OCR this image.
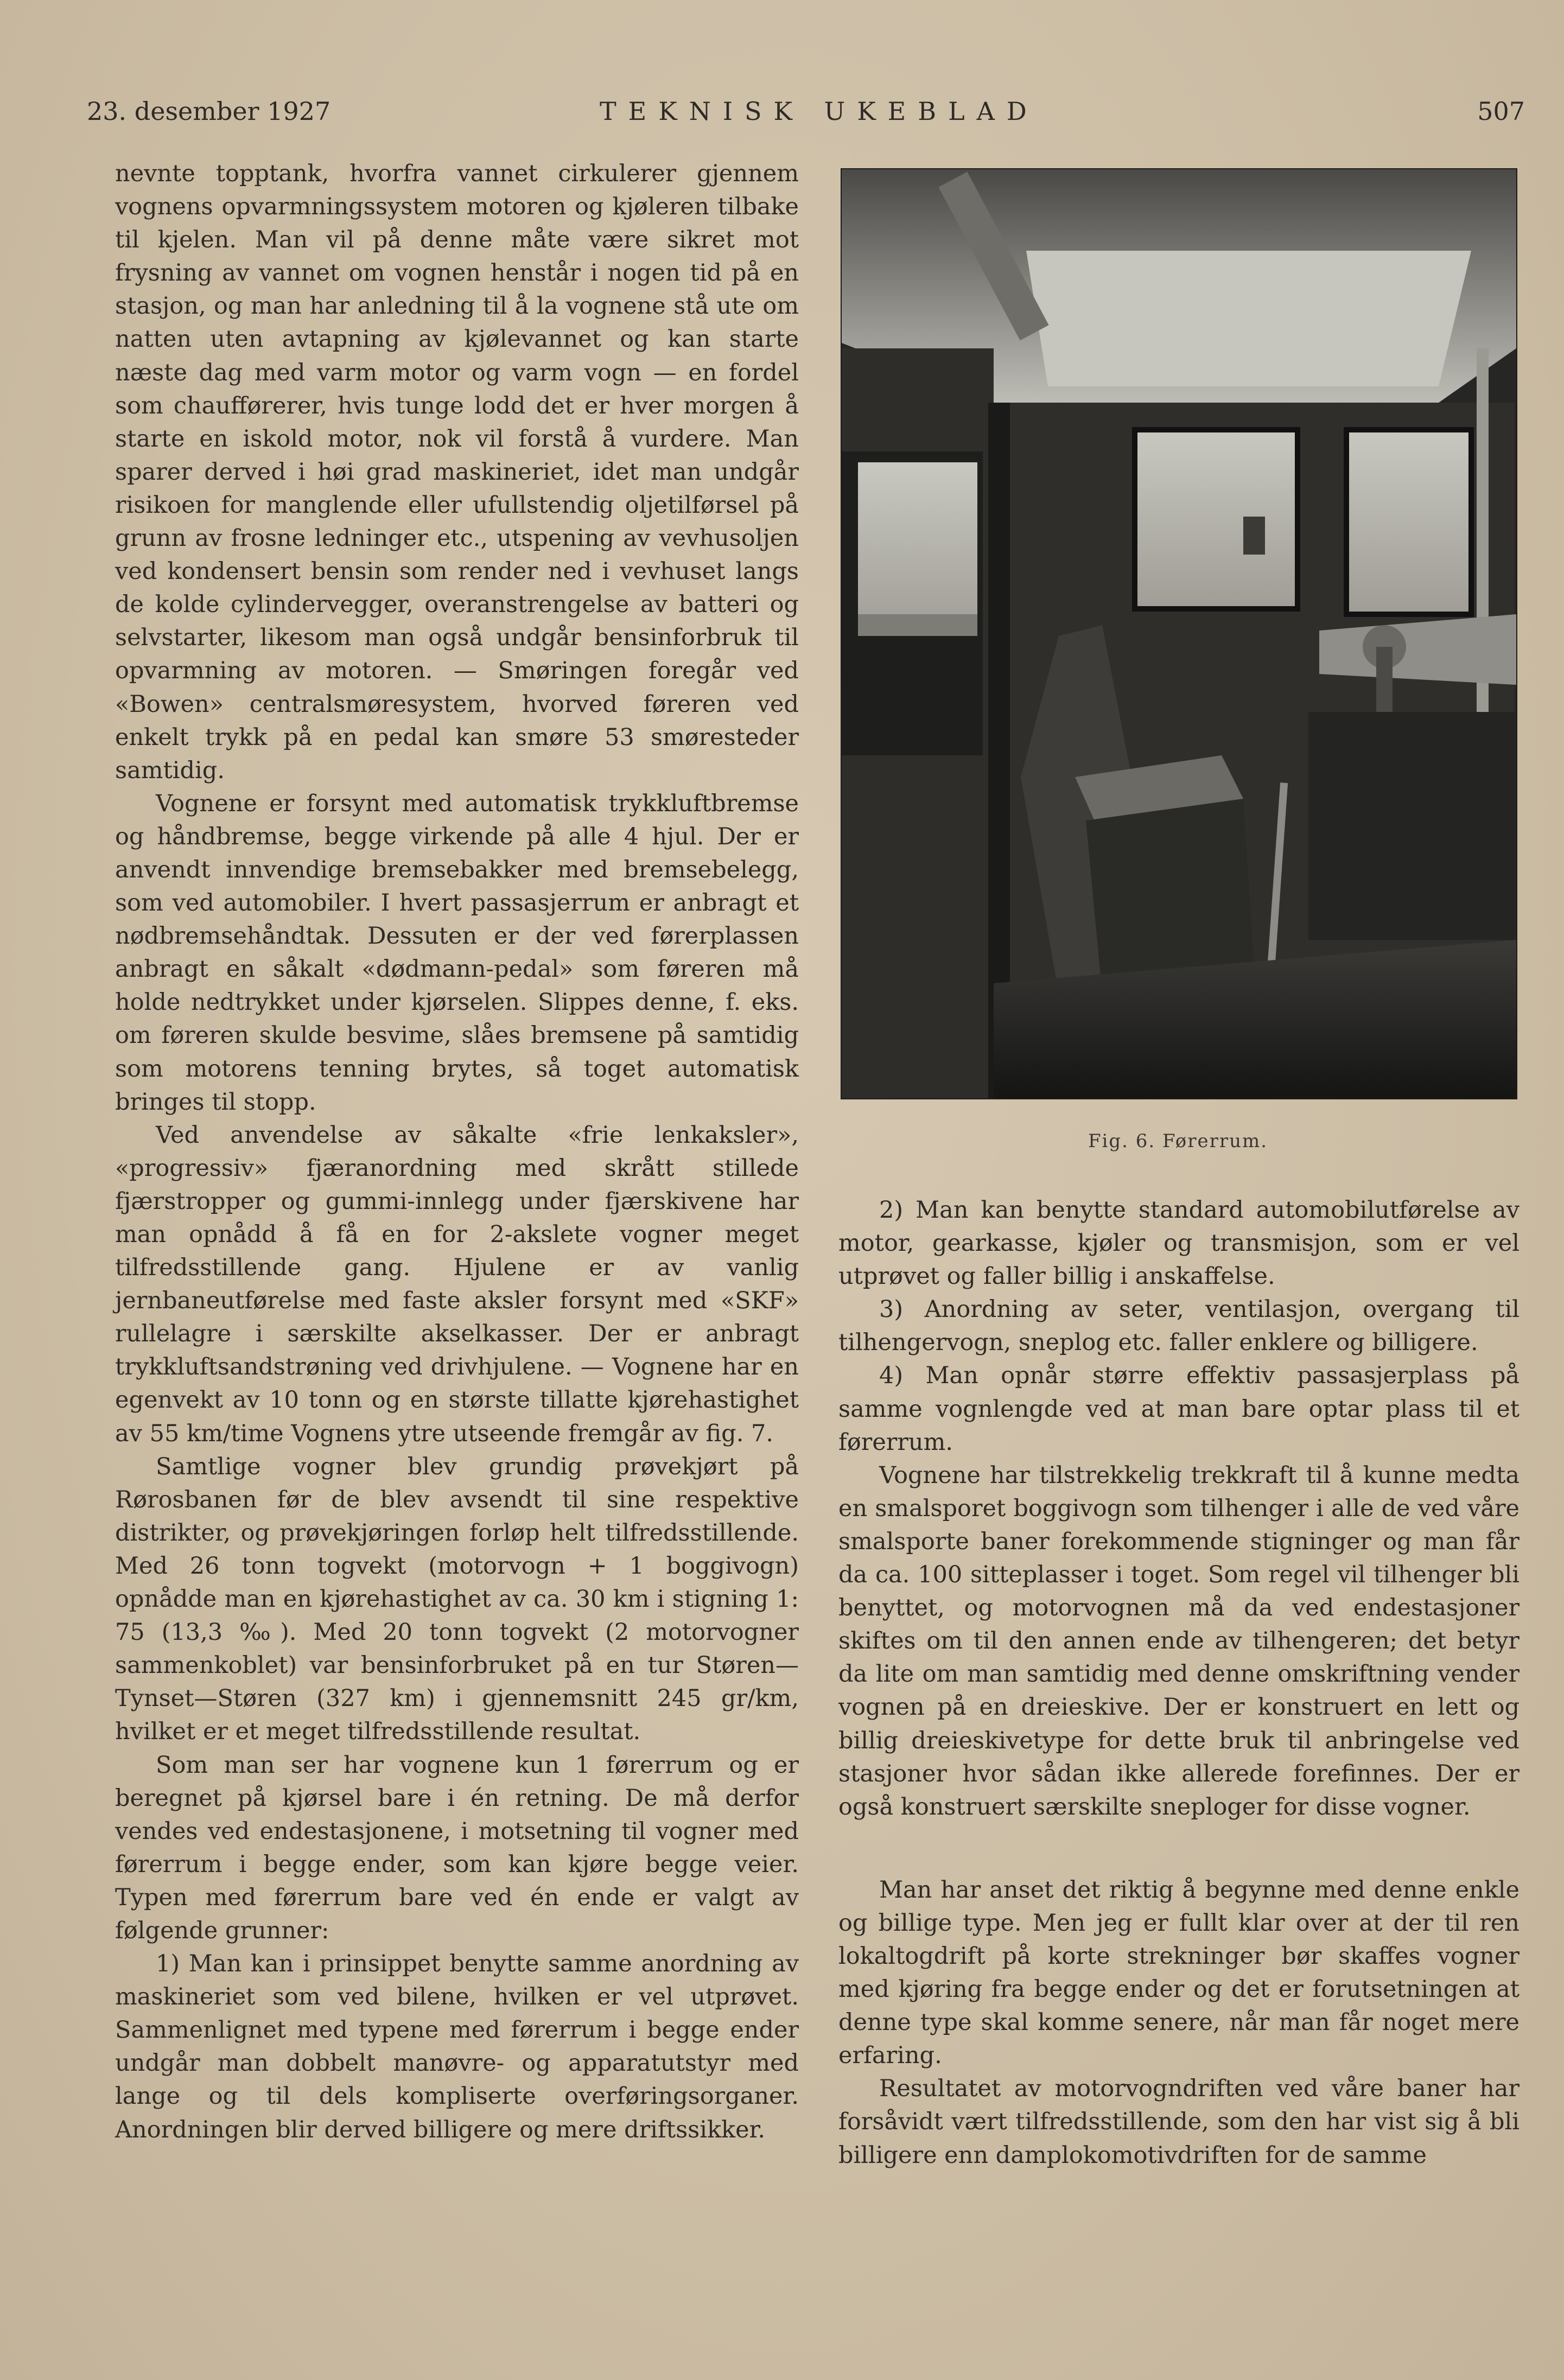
23. desember 1927	TEKNISK UKEBLAD	507

nevnte topptank, hvorfra vannet cirkulerer gjennem vognens opvarmningssystem motoren og kjøleren tilbake til kjelen. Man vil på denne måte være sikret mot frysning av vannet om vognen henstår i nogen tid på en stasjon, og man har anledning til å la vognene stå ute om natten uten avtapning av kjølevannet og kan starte næste dag med varm motor og varm vogn — en fordel som chaufførerer, hvis tunge lodd det er hver morgen å starte en iskold motor, nok vil forstå å vurdere. Man sparer derved i høi grad maskineriet, idet man undgår risikoen for manglende eller ufullstendig oljetilførsel på grunn av frosne ledninger etc., utspening av vevhusoljen ved kondensert bensin som render ned i vevhuset langs de kolde cylindervegger, overanstrengelse av batteri og selvstarter, likesom man også undgår bensinforbruk til opvarmning av motoren. — Smøringen foregår ved «Bowen» centralsmøresystem, hvorved føreren ved enkelt trykk på en pedal kan smøre 53 smøresteder samtidig.

Vognene er forsynt med automatisk trykkluftbremse og håndbremse, begge virkende på alle 4 hjul. Der er anvendt innvendige bremsebakker med bremsebelegg, som ved automobiler. I hvert passasjerrum er anbragt et nødbremsehåndtak. Dessuten er der ved førerplassen anbragt en såkalt «dødmann-pedal» som føreren må holde nedtrykket under kjørselen. Slippes denne, f. eks. om føreren skulde besvime, slåes bremsene på samtidig som motorens tenning brytes, så toget automatisk bringes til stopp.

Ved anvendelse av såkalte «frie lenkaksler», «progressiv» fjæranordning med skrått stillede fjærstropper og gummi-innlegg under fjærskivene har man opnådd å få en for 2-akslete vogner meget tilfredsstillende gang. Hjulene er av vanlig jernbaneutførelse med faste aksler forsynt med «SKF» rullelagre i særskilte akselkasser. Der er anbragt trykkluftsandstrøning ved drivhjulene. — Vognene har en egenvekt av 10 tonn og en største tillatte kjørehastighet av 55 km/time Vognens ytre utseende fremgår av fig. 7.

Samtlige vogner blev grundig prøvekjørt på Rørosbanen før de blev avsendt til sine respektive distrikter, og prøvekjøringen forløp helt tilfredsstillende. Med 26 tonn togvekt (motorvogn + 1 boggivogn) opnådde man en kjørehastighet av ca. 30 km i stigning 1: 75 (13,3 ‰). Med 20 tonn togvekt (2 motorvogner sammenkoblet) var bensinforbruket på en tur Støren—Tynset—Støren (327 km) i gjennemsnitt 245 gr/km, hvilket er et meget tilfredsstillende resultat.

Som man ser har vognene kun 1 førerrum og er beregnet på kjørsel bare i én retning. De må derfor vendes ved endestasjonene, i motsetning til vogner med førerrum i begge ender, som kan kjøre begge veier. Typen med førerrum bare ved én ende er valgt av følgende grunner:

1) Man kan i prinsippet benytte samme anordning av maskineriet som ved bilene, hvilken er vel utprøvet. Sammenlignet med typene med førerrum i begge ender undgår man dobbelt manøvre- og apparatutstyr med lange og til dels kompliserte overføringsorganer. Anordningen blir derved billigere og mere driftssikker.

Fig. 6. Førerrum.

2) Man kan benytte standard automobilutførelse av motor, gearkasse, kjøler og transmisjon, som er vel utprøvet og faller billig i anskaffelse.

3) Anordning av seter, ventilasjon, overgang til tilhengervogn, sneplog etc. faller enklere og billigere.

4) Man opnår større effektiv passasjerplass på samme vognlengde ved at man bare optar plass til et førerrum.

Vognene har tilstrekkelig trekkraft til å kunne medta en smalsporet boggivogn som tilhenger i alle de ved våre smalsporte baner forekommende stigninger og man får da ca. 100 sitteplasser i toget. Som regel vil tilhenger bli benyttet, og motorvognen må da ved endestasjoner skiftes om til den annen ende av tilhengeren; det betyr da lite om man samtidig med denne omskriftning vender vognen på en dreieskive. Der er konstruert en lett og billig dreieskivetype for dette bruk til anbringelse ved stasjoner hvor sådan ikke allerede forefinnes. Der er også konstruert særskilte sneploger for disse vogner.

Man har anset det riktig å begynne med denne enkle og billige type. Men jeg er fullt klar over at der til ren lokaltogdrift på korte strekninger bør skaffes vogner med kjøring fra begge ender og det er forutsetningen at denne type skal komme senere, når man får noget mere erfaring.

Resultatet av motorvogndriften ved våre baner har forsåvidt vært tilfredsstillende, som den har vist sig å bli billigere enn damplokomotivdriften for de samme
